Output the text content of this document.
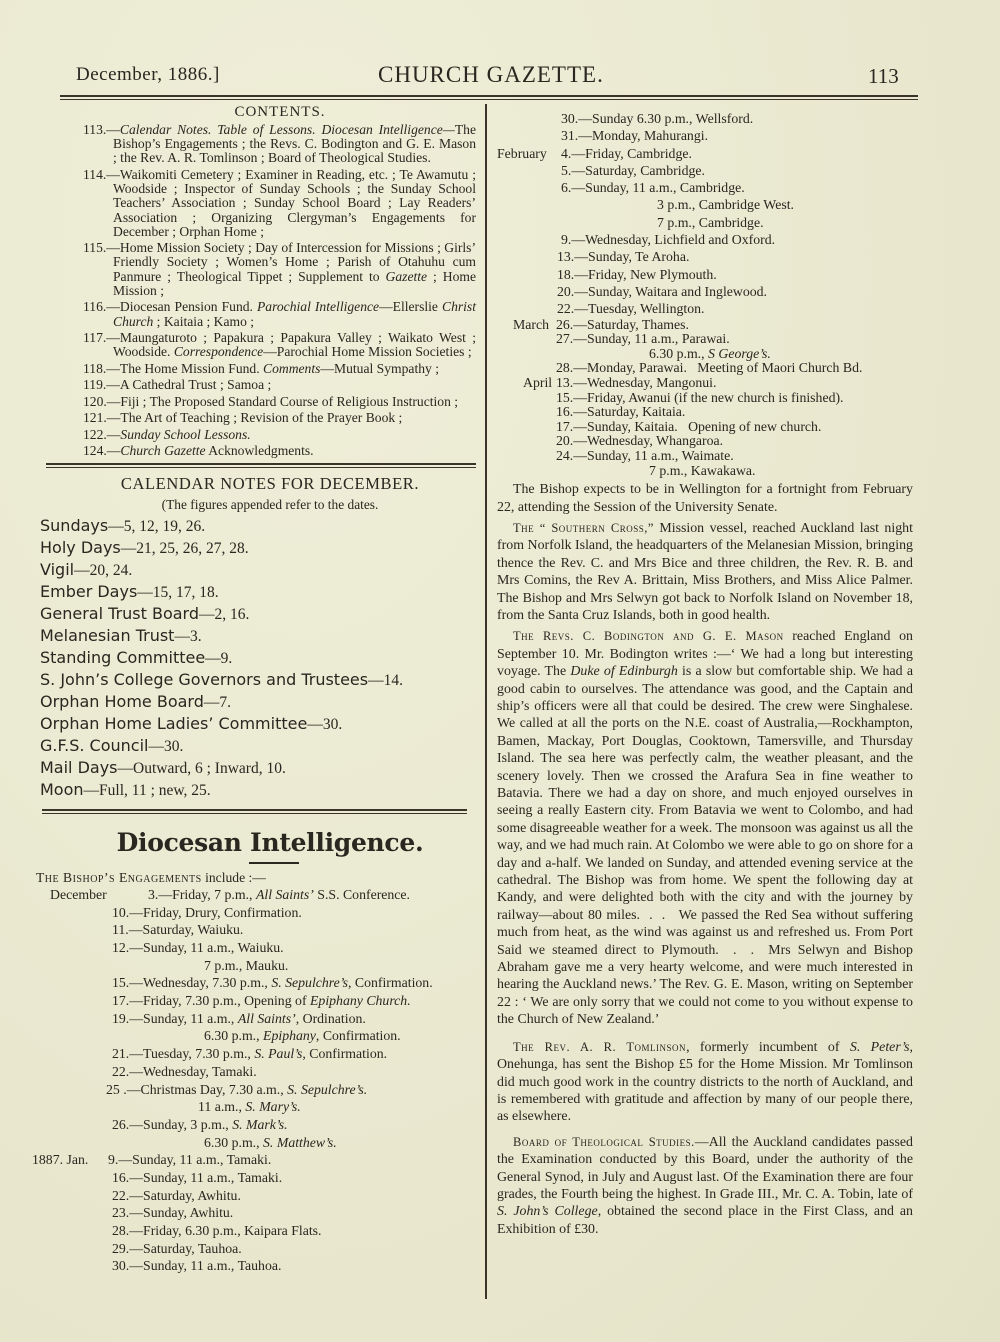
December, 1886.]	CHURCH GAZETTE.	113
CONTENTS.
113.—Calendar Notes. Table of Lessons. Diocesan Intelligence—The Bishop’s Engagements ; the Revs. C. Bodington and G. E. Mason ; the Rev. A. R. Tomlinson ; Board of Theological Studies.
114.—Waikomiti Cemetery ; Examiner in Reading, etc. ; Te Awamutu ; Woodside ; Inspector of Sunday Schools ; the Sunday School Teachers’ Association ; Sunday School Board ; Lay Readers’ Association ; Organizing Clergyman’s Engagements for December ; Orphan Home ;
115.—Home Mission Society ; Day of Intercession for Missions ; Girls’ Friendly Society ; Women’s Home ; Parish of Otahuhu cum Panmure ; Theological Tippet ; Supplement to Gazette ; Home Mission ;
116.—Diocesan Pension Fund. Parochial Intelligence—Ellerslie Christ Church ; Kaitaia ; Kamo ;
117.—Maungaturoto ; Papakura ; Papakura Valley ; Waikato West ; Woodside. Correspondence—Parochial Home Mission Societies ;
118.—The Home Mission Fund. Comments—Mutual Sympathy ;
119.—A Cathedral Trust ; Samoa ;
120.—Fiji ; The Proposed Standard Course of Religious Instruction ;
121.—The Art of Teaching ; Revision of the Prayer Book ;
122.—Sunday School Lessons.
124.—Church Gazette Acknowledgments.
CALENDAR NOTES FOR DECEMBER.
(The figures appended refer to the dates.
Sundays—5, 12, 19, 26.
Holy Days—21, 25, 26, 27, 28.
Vigil—20, 24.
Ember Days—15, 17, 18.
General Trust Board—2, 16.
Melanesian Trust—3.
Standing Committee—9.
S. John’s College Governors and Trustees—14.
Orphan Home Board—7.
Orphan Home Ladies’ Committee—30.
G.F.S. Council—30.
Mail Days—Outward, 6 ; Inward, 10.
Moon—Full, 11 ; new, 25.
Diocesan Intelligence.
The Bishop’s Engagements include :—
December	3.—Friday, 7 p.m., All Saints’ S.S. Conference.
10.—Friday, Drury, Confirmation.
11.—Saturday, Waiuku.
12.—Sunday, 11 a.m., Waiuku.
7 p.m., Mauku.
15.—Wednesday, 7.30 p.m., S. Sepulchre’s, Confirmation.
17.—Friday, 7.30 p.m., Opening of Epiphany Church.
19.—Sunday, 11 a.m., All Saints’, Ordination.
6.30 p.m., Epiphany, Confirmation.
21.—Tuesday, 7.30 p.m., S. Paul’s, Confirmation.
22.—Wednesday, Tamaki.
25 .—Christmas Day, 7.30 a.m., S. Sepulchre’s.
11 a.m., S. Mary’s.
26.—Sunday, 3 p.m., S. Mark’s.
6.30 p.m., S. Matthew’s.
1887. Jan. 9.—Sunday, 11 a.m., Tamaki.
16.—Sunday, 11 a.m., Tamaki.
22.—Saturday, Awhitu.
23.—Sunday, Awhitu.
28.—Friday, 6.30 p.m., Kaipara Flats.
29.—Saturday, Tauhoa.
30.—Sunday, 11 a.m., Tauhoa.
30.—Sunday 6.30 p.m., Wellsford.
31.—Monday, Mahurangi.
February 4.—Friday, Cambridge.
5.—Saturday, Cambridge.
6.—Sunday, 11 a.m., Cambridge.
3 p.m., Cambridge West.
7 p.m., Cambridge.
9.—Wednesday, Lichfield and Oxford.
13.—Sunday, Te Aroha.
18.—Friday, New Plymouth.
20.—Sunday, Waitara and Inglewood.
22.—Tuesday, Wellington.
March 26.—Saturday, Thames.
27.—Sunday, 11 a.m., Parawai.
6.30 p.m., S George’s.
28.—Monday, Parawai.   Meeting of Maori Church Bd.
April 13.—Wednesday, Mangonui.
15.—Friday, Awanui (if the new church is finished).
16.—Saturday, Kaitaia.
17.—Sunday, Kaitaia.   Opening of new church.
20.—Wednesday, Whangaroa.
24.—Sunday, 11 a.m., Waimate.
7 p.m., Kawakawa.
The Bishop expects to be in Wellington for a fortnight from February 22, attending the Session of the University Senate.
The “ Southern Cross,” Mission vessel, reached Auckland last night from Norfolk Island, the headquarters of the Melanesian Mission, bringing thence the Rev. C. and Mrs Bice and three children, the Rev. R. B. and Mrs Comins, the Rev A. Brittain, Miss Brothers, and Miss Alice Palmer. The Bishop and Mrs Selwyn got back to Norfolk Island on November 18, from the Santa Cruz Islands, both in good health.
The Revs. C. Bodington and G. E. Mason reached England on September 10. Mr. Bodington writes :—‘ We had a long but interesting voyage. The Duke of Edinburgh is a slow but comfortable ship. We had a good cabin to ourselves. The attendance was good, and the Captain and ship’s officers were all that could be desired. The crew were Singhalese. We called at all the ports on the N.E. coast of Australia,—Rockhampton, Bamen, Mackay, Port Douglas, Cooktown, Tamersville, and Thursday Island. The sea here was perfectly calm, the weather pleasant, and the scenery lovely. Then we crossed the Arafura Sea in fine weather to Batavia. There we had a day on shore, and much enjoyed ourselves in seeing a really Eastern city. From Batavia we went to Colombo, and had some disagreeable weather for a week. The monsoon was against us all the way, and we had much rain. At Colombo we were able to go on shore for a day and a-half. We landed on Sunday, and attended evening service at the cathedral. The Bishop was from home. We spent the following day at Kandy, and were delighted both with the city and with the journey by railway—about 80 miles.  .  .   We passed the Red Sea without suffering much from heat, as the wind was against us and refreshed us. From Port Said we steamed direct to Plymouth.  .  .  Mrs Selwyn and Bishop Abraham gave me a very hearty welcome, and were much interested in hearing the Auckland news.’ The Rev. G. E. Mason, writing on September 22 : ‘ We are only sorry that we could not come to you without expense to the Church of New Zealand.’
The Rev. A. R. Tomlinson, formerly incumbent of S. Peter’s, Onehunga, has sent the Bishop £5 for the Home Mission. Mr Tomlinson did much good work in the country districts to the north of Auckland, and is remembered with gratitude and affection by many of our people there, as elsewhere.
Board of Theological Studies.—All the Auckland candidates passed the Examination conducted by this Board, under the authority of the General Synod, in July and August last. Of the Examination there are four grades, the Fourth being the highest. In Grade III., Mr. C. A. Tobin, late of S. John’s College, obtained the second place in the First Class, and an Exhibition of £30.
